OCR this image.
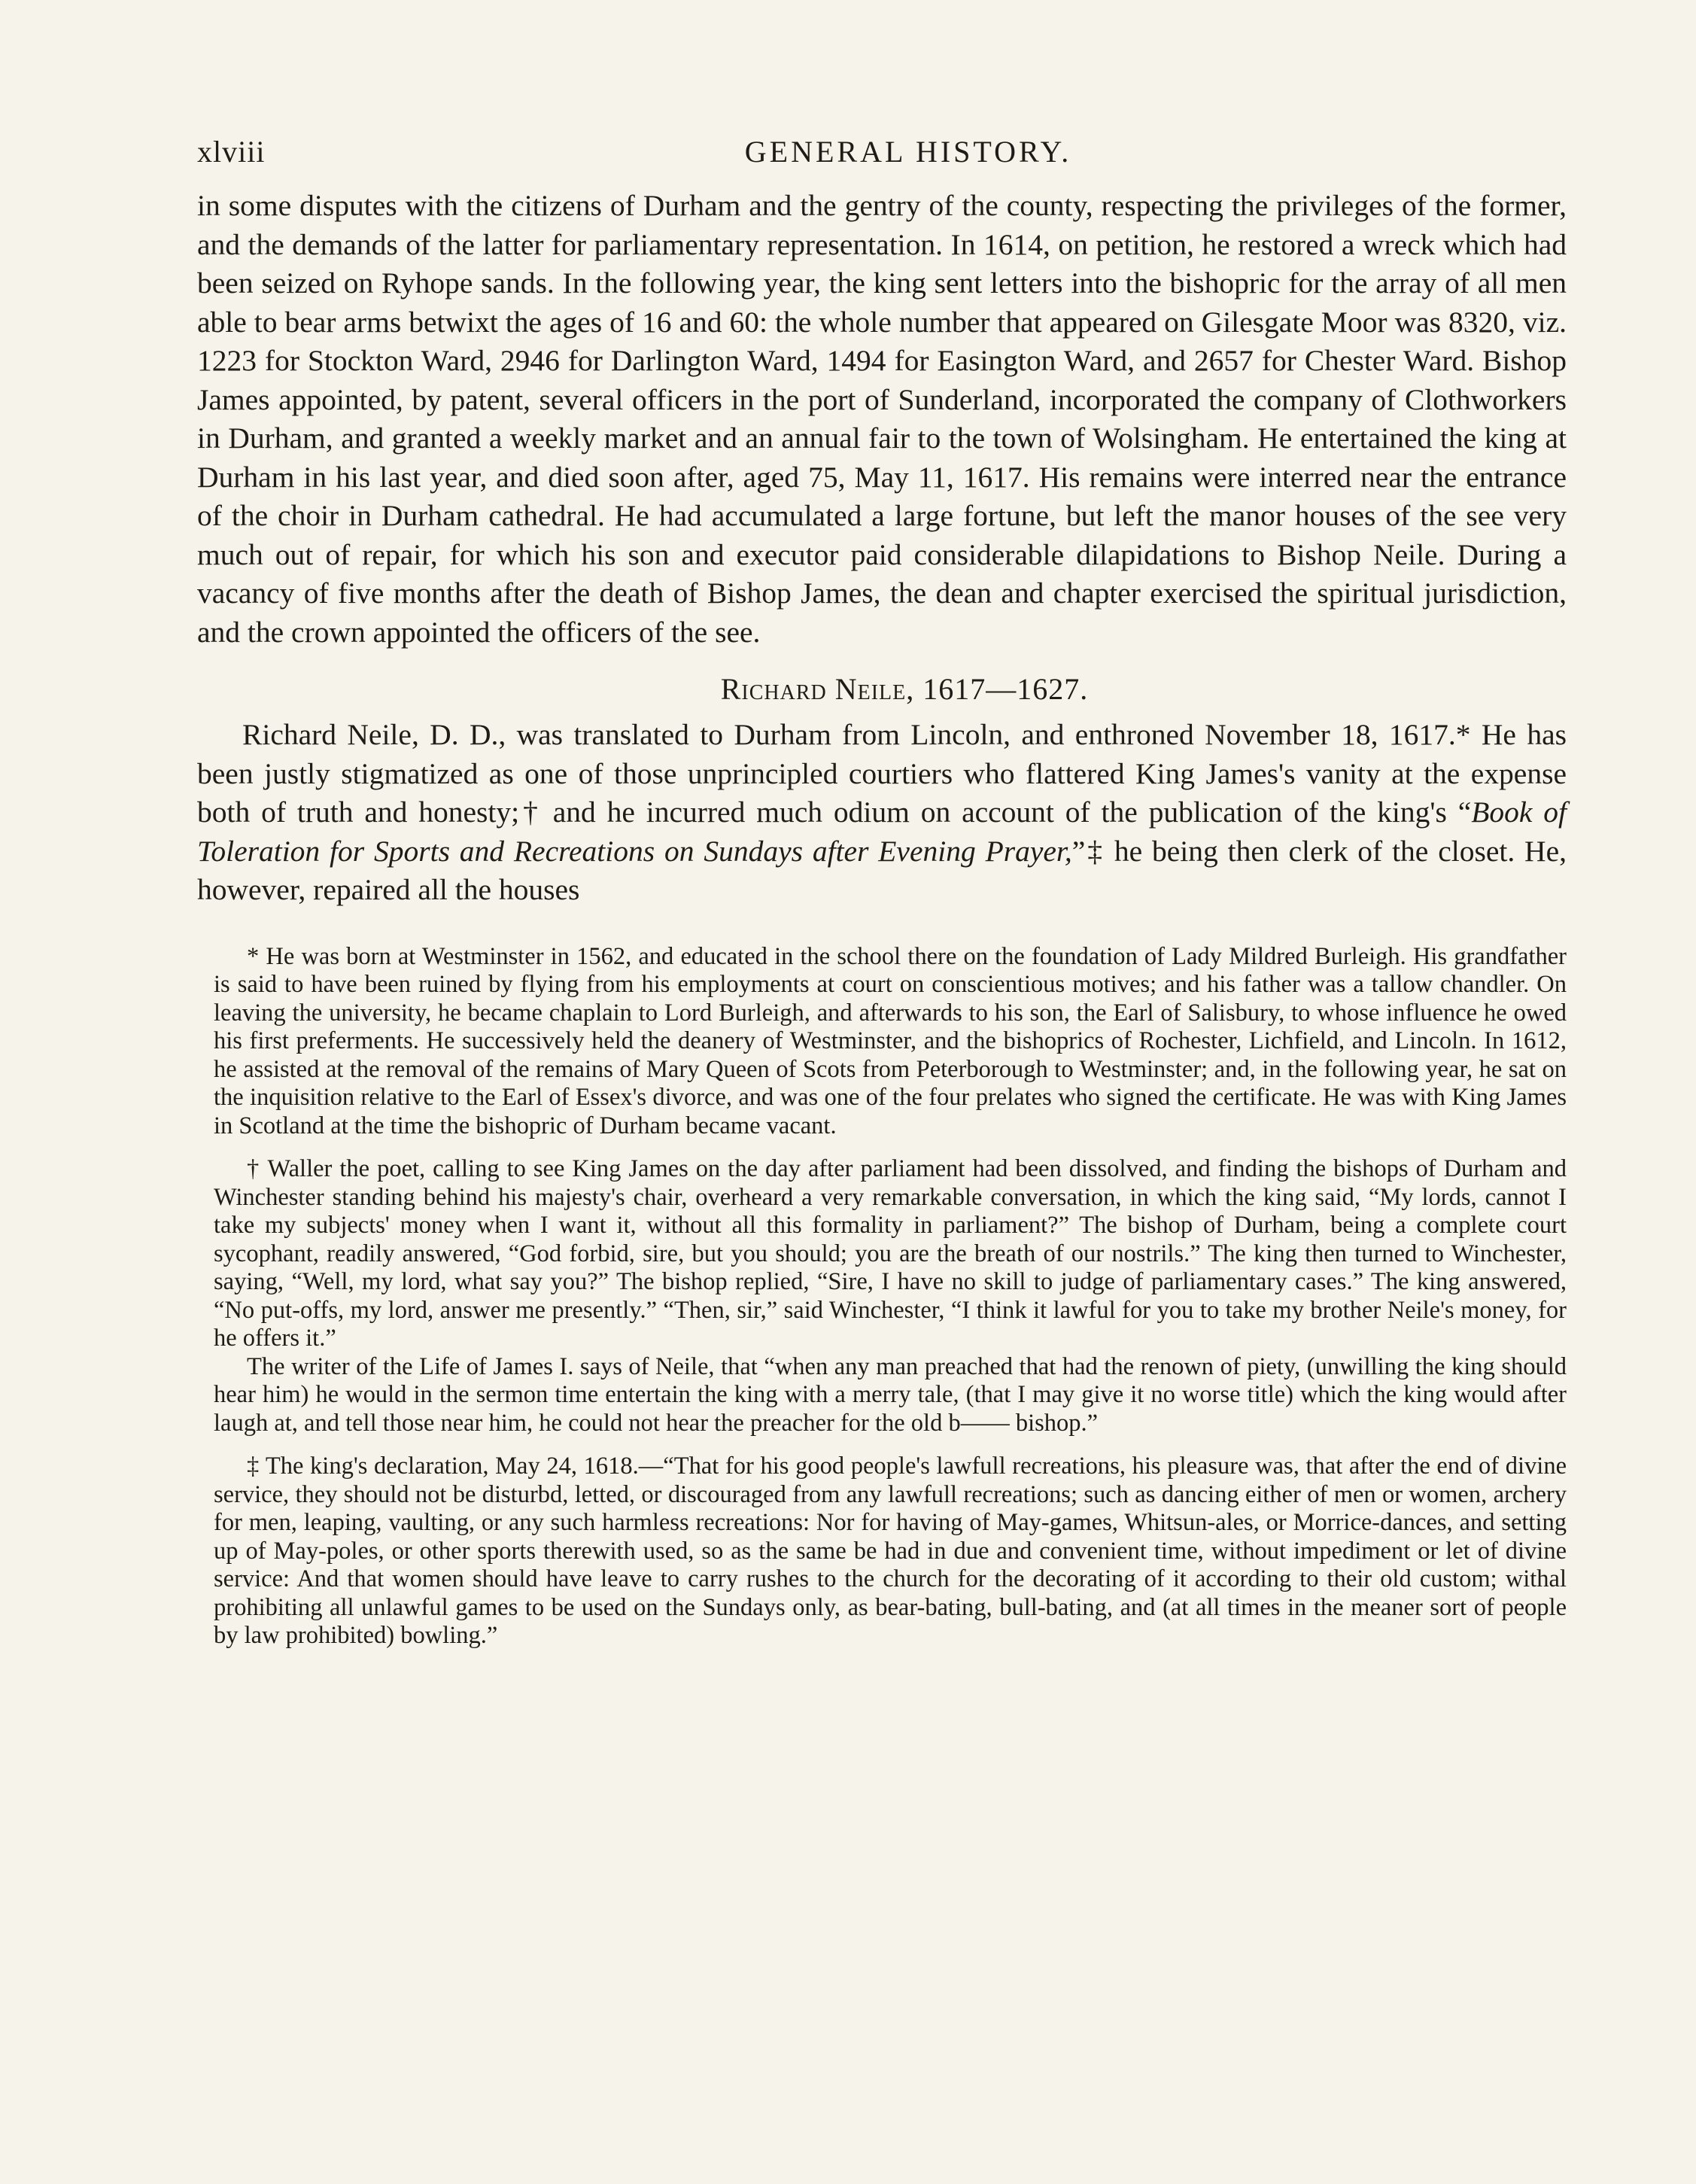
xlviii	GENERAL HISTORY.

in some disputes with the citizens of Durham and the gentry of the county, respecting the privileges of the former, and the demands of the latter for parliamentary representation. In 1614, on petition, he restored a wreck which had been seized on Ryhope sands. In the following year, the king sent letters into the bishopric for the array of all men able to bear arms betwixt the ages of 16 and 60: the whole number that appeared on Gilesgate Moor was 8320, viz. 1223 for Stockton Ward, 2946 for Darlington Ward, 1494 for Easington Ward, and 2657 for Chester Ward. Bishop James appointed, by patent, several officers in the port of Sunderland, incorporated the company of Clothworkers in Durham, and granted a weekly market and an annual fair to the town of Wolsingham. He entertained the king at Durham in his last year, and died soon after, aged 75, May 11, 1617. His remains were interred near the entrance of the choir in Durham cathedral. He had accumulated a large fortune, but left the manor houses of the see very much out of repair, for which his son and executor paid considerable dilapidations to Bishop Neile. During a vacancy of five months after the death of Bishop James, the dean and chapter exercised the spiritual jurisdiction, and the crown appointed the officers of the see.

Richard Neile, 1617—1627.

Richard Neile, D. D., was translated to Durham from Lincoln, and enthroned November 18, 1617.* He has been justly stigmatized as one of those unprincipled courtiers who flattered King James's vanity at the expense both of truth and honesty;† and he incurred much odium on account of the publication of the king's “Book of Toleration for Sports and Recreations on Sundays after Evening Prayer,”‡ he being then clerk of the closet. He, however, repaired all the houses

* He was born at Westminster in 1562, and educated in the school there on the foundation of Lady Mildred Burleigh. His grandfather is said to have been ruined by flying from his employments at court on conscientious motives; and his father was a tallow chandler. On leaving the university, he became chaplain to Lord Burleigh, and afterwards to his son, the Earl of Salisbury, to whose influence he owed his first preferments. He successively held the deanery of Westminster, and the bishoprics of Rochester, Lichfield, and Lincoln. In 1612, he assisted at the removal of the remains of Mary Queen of Scots from Peterborough to Westminster; and, in the following year, he sat on the inquisition relative to the Earl of Essex's divorce, and was one of the four prelates who signed the certificate. He was with King James in Scotland at the time the bishopric of Durham became vacant.

† Waller the poet, calling to see King James on the day after parliament had been dissolved, and finding the bishops of Durham and Winchester standing behind his majesty's chair, overheard a very remarkable conversation, in which the king said, “My lords, cannot I take my subjects' money when I want it, without all this formality in parliament?” The bishop of Durham, being a complete court sycophant, readily answered, “God forbid, sire, but you should; you are the breath of our nostrils.” The king then turned to Winchester, saying, “Well, my lord, what say you?” The bishop replied, “Sire, I have no skill to judge of parliamentary cases.” The king answered, “No put-offs, my lord, answer me presently.” “Then, sir,” said Winchester, “I think it lawful for you to take my brother Neile's money, for he offers it.”

The writer of the Life of James I. says of Neile, that “when any man preached that had the renown of piety, (unwilling the king should hear him) he would in the sermon time entertain the king with a merry tale, (that I may give it no worse title) which the king would after laugh at, and tell those near him, he could not hear the preacher for the old b—— bishop.”

‡ The king's declaration, May 24, 1618.—“That for his good people's lawfull recreations, his pleasure was, that after the end of divine service, they should not be disturbd, letted, or discouraged from any lawfull recreations; such as dancing either of men or women, archery for men, leaping, vaulting, or any such harmless recreations: Nor for having of May-games, Whitsun-ales, or Morrice-dances, and setting up of May-poles, or other sports therewith used, so as the same be had in due and convenient time, without impediment or let of divine service: And that women should have leave to carry rushes to the church for the decorating of it according to their old custom; withal prohibiting all unlawful games to be used on the Sundays only, as bear-bating, bull-bating, and (at all times in the meaner sort of people by law prohibited) bowling.”
